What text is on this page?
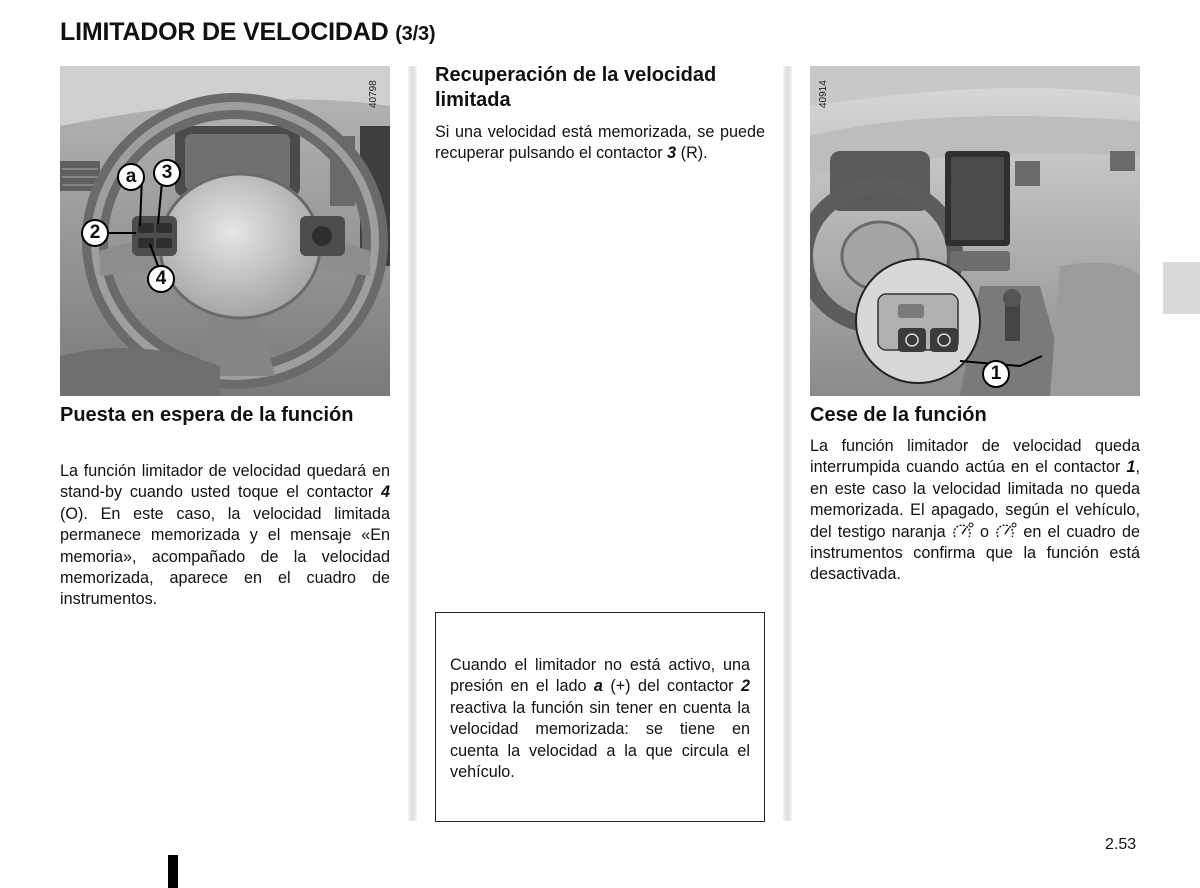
LIMITADOR DE VELOCIDAD (3/3)
40798
a	3
2
4
Puesta en espera de la función
La función limitador de velocidad quedará en stand-by cuando usted toque el contactor 4 (O). En este caso, la velocidad limitada permanece memorizada y el mensaje «En memoria», acompañado de la velocidad memorizada, aparece en el cuadro de instrumentos.
Recuperación de la velocidad limitada
Si una velocidad está memorizada, se puede recuperar pulsando el contactor 3 (R).
Cuando el limitador no está activo, una presión en el lado a (+) del contactor 2 reactiva la función sin tener en cuenta la velocidad memorizada: se tiene en cuenta la velocidad a la que circula el vehículo.
40914
1
Cese de la función
La función limitador de velocidad queda interrumpida cuando actúa en el contactor 1, en este caso la velocidad limitada no queda memorizada. El apagado, según el vehículo, del testigo naranja  o  en el cuadro de instrumentos confirma que la función está desactivada.
2.53
